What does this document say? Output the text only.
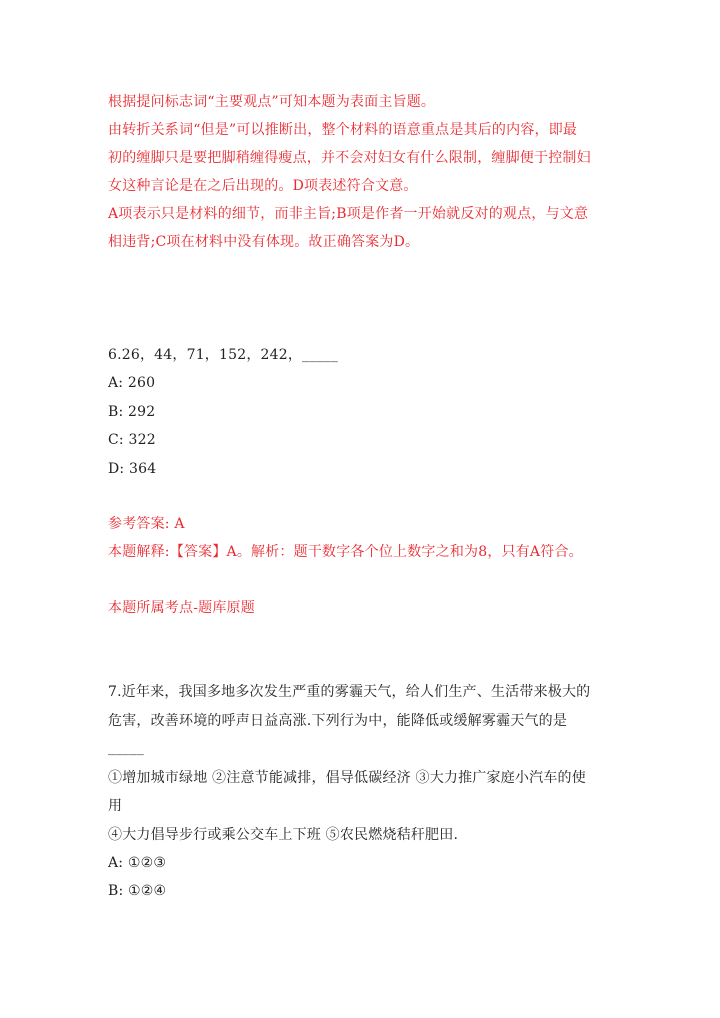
根据提问标志词“主要观点”可知本题为表面主旨题。
由转折关系词“但是”可以推断出，整个材料的语意重点是其后的内容，即最
初的缠脚只是要把脚稍缠得瘦点，并不会对妇女有什么限制，缠脚便于控制妇
女这种言论是在之后出现的。D项表述符合文意。
A项表示只是材料的细节，而非主旨;B项是作者一开始就反对的观点，与文意
相违背;C项在材料中没有体现。故正确答案为D。
6.26，44，71，152，242，_____
A: 260
B: 292
C: 322
D: 364
参考答案: A
本题解释:【答案】A。解析：题干数字各个位上数字之和为8，只有A符合。
本题所属考点-题库原题
7.近年来，我国多地多次发生严重的雾霾天气，给人们生产、生活带来极大的
危害，改善环境的呼声日益高涨.下列行为中，能降低或缓解雾霾天气的是
_____
①增加城市绿地 ②注意节能减排，倡导低碳经济 ③大力推广家庭小汽车的使
用
④大力倡导步行或乘公交车上下班 ⑤农民燃烧秸秆肥田.
A: ①②③
B: ①②④
